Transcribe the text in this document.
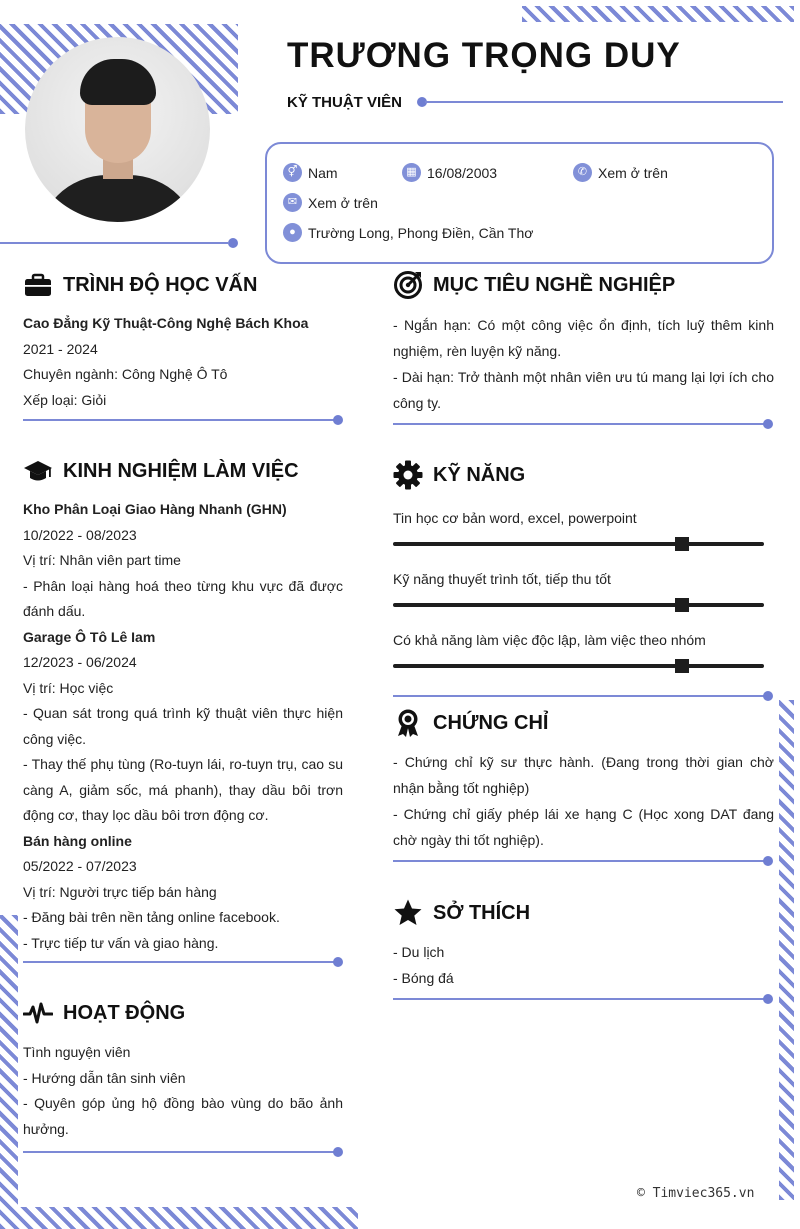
TRƯƠNG TRỌNG DUY
KỸ THUẬT VIÊN
⚥ Nam	▦ 16/08/2003	✆ Xem ở trên
✉ Xem ở trên
● Trường Long, Phong Điền, Cần Thơ
TRÌNH ĐỘ HỌC VẤN
Cao Đẳng Kỹ Thuật-Công Nghệ Bách Khoa
2021 - 2024
Chuyên ngành: Công Nghệ Ô Tô
Xếp loại: Giỏi
KINH NGHIỆM LÀM VIỆC
Kho Phân Loại Giao Hàng Nhanh (GHN)
10/2022 - 08/2023
Vị trí: Nhân viên part time
- Phân loại hàng hoá theo từng khu vực đã được đánh dấu.
Garage Ô Tô Lê Iam
12/2023 - 06/2024
Vị trí: Học việc
- Quan sát trong quá trình kỹ thuật viên thực hiện công việc.
- Thay thế phụ tùng (Ro-tuyn lái, ro-tuyn trụ, cao su càng A, giảm sốc, má phanh), thay dầu bôi trơn động cơ, thay lọc dầu bôi trơn động cơ.
Bán hàng online
05/2022 - 07/2023
Vị trí: Người trực tiếp bán hàng
- Đăng bài trên nền tảng online facebook.
- Trực tiếp tư vấn và giao hàng.
HOẠT ĐỘNG
Tình nguyện viên
- Hướng dẫn tân sinh viên
- Quyên góp ủng hộ đồng bào vùng do bão ảnh hưởng.
MỤC TIÊU NGHỀ NGHIỆP
- Ngắn hạn: Có một công việc ổn định, tích luỹ thêm kinh nghiệm, rèn luyện kỹ năng.
- Dài hạn: Trở thành một nhân viên ưu tú mang lại lợi ích cho công ty.
KỸ NĂNG
Tin học cơ bản word, excel, powerpoint
Kỹ năng thuyết trình tốt, tiếp thu tốt
Có khả năng làm việc độc lập, làm việc theo nhóm
CHỨNG CHỈ
- Chứng chỉ kỹ sư thực hành. (Đang trong thời gian chờ nhận bằng tốt nghiệp)
- Chứng chỉ giấy phép lái xe hạng C (Học xong DAT đang chờ ngày thi tốt nghiệp).
SỞ THÍCH
- Du lịch
- Bóng đá
© Timviec365.vn
